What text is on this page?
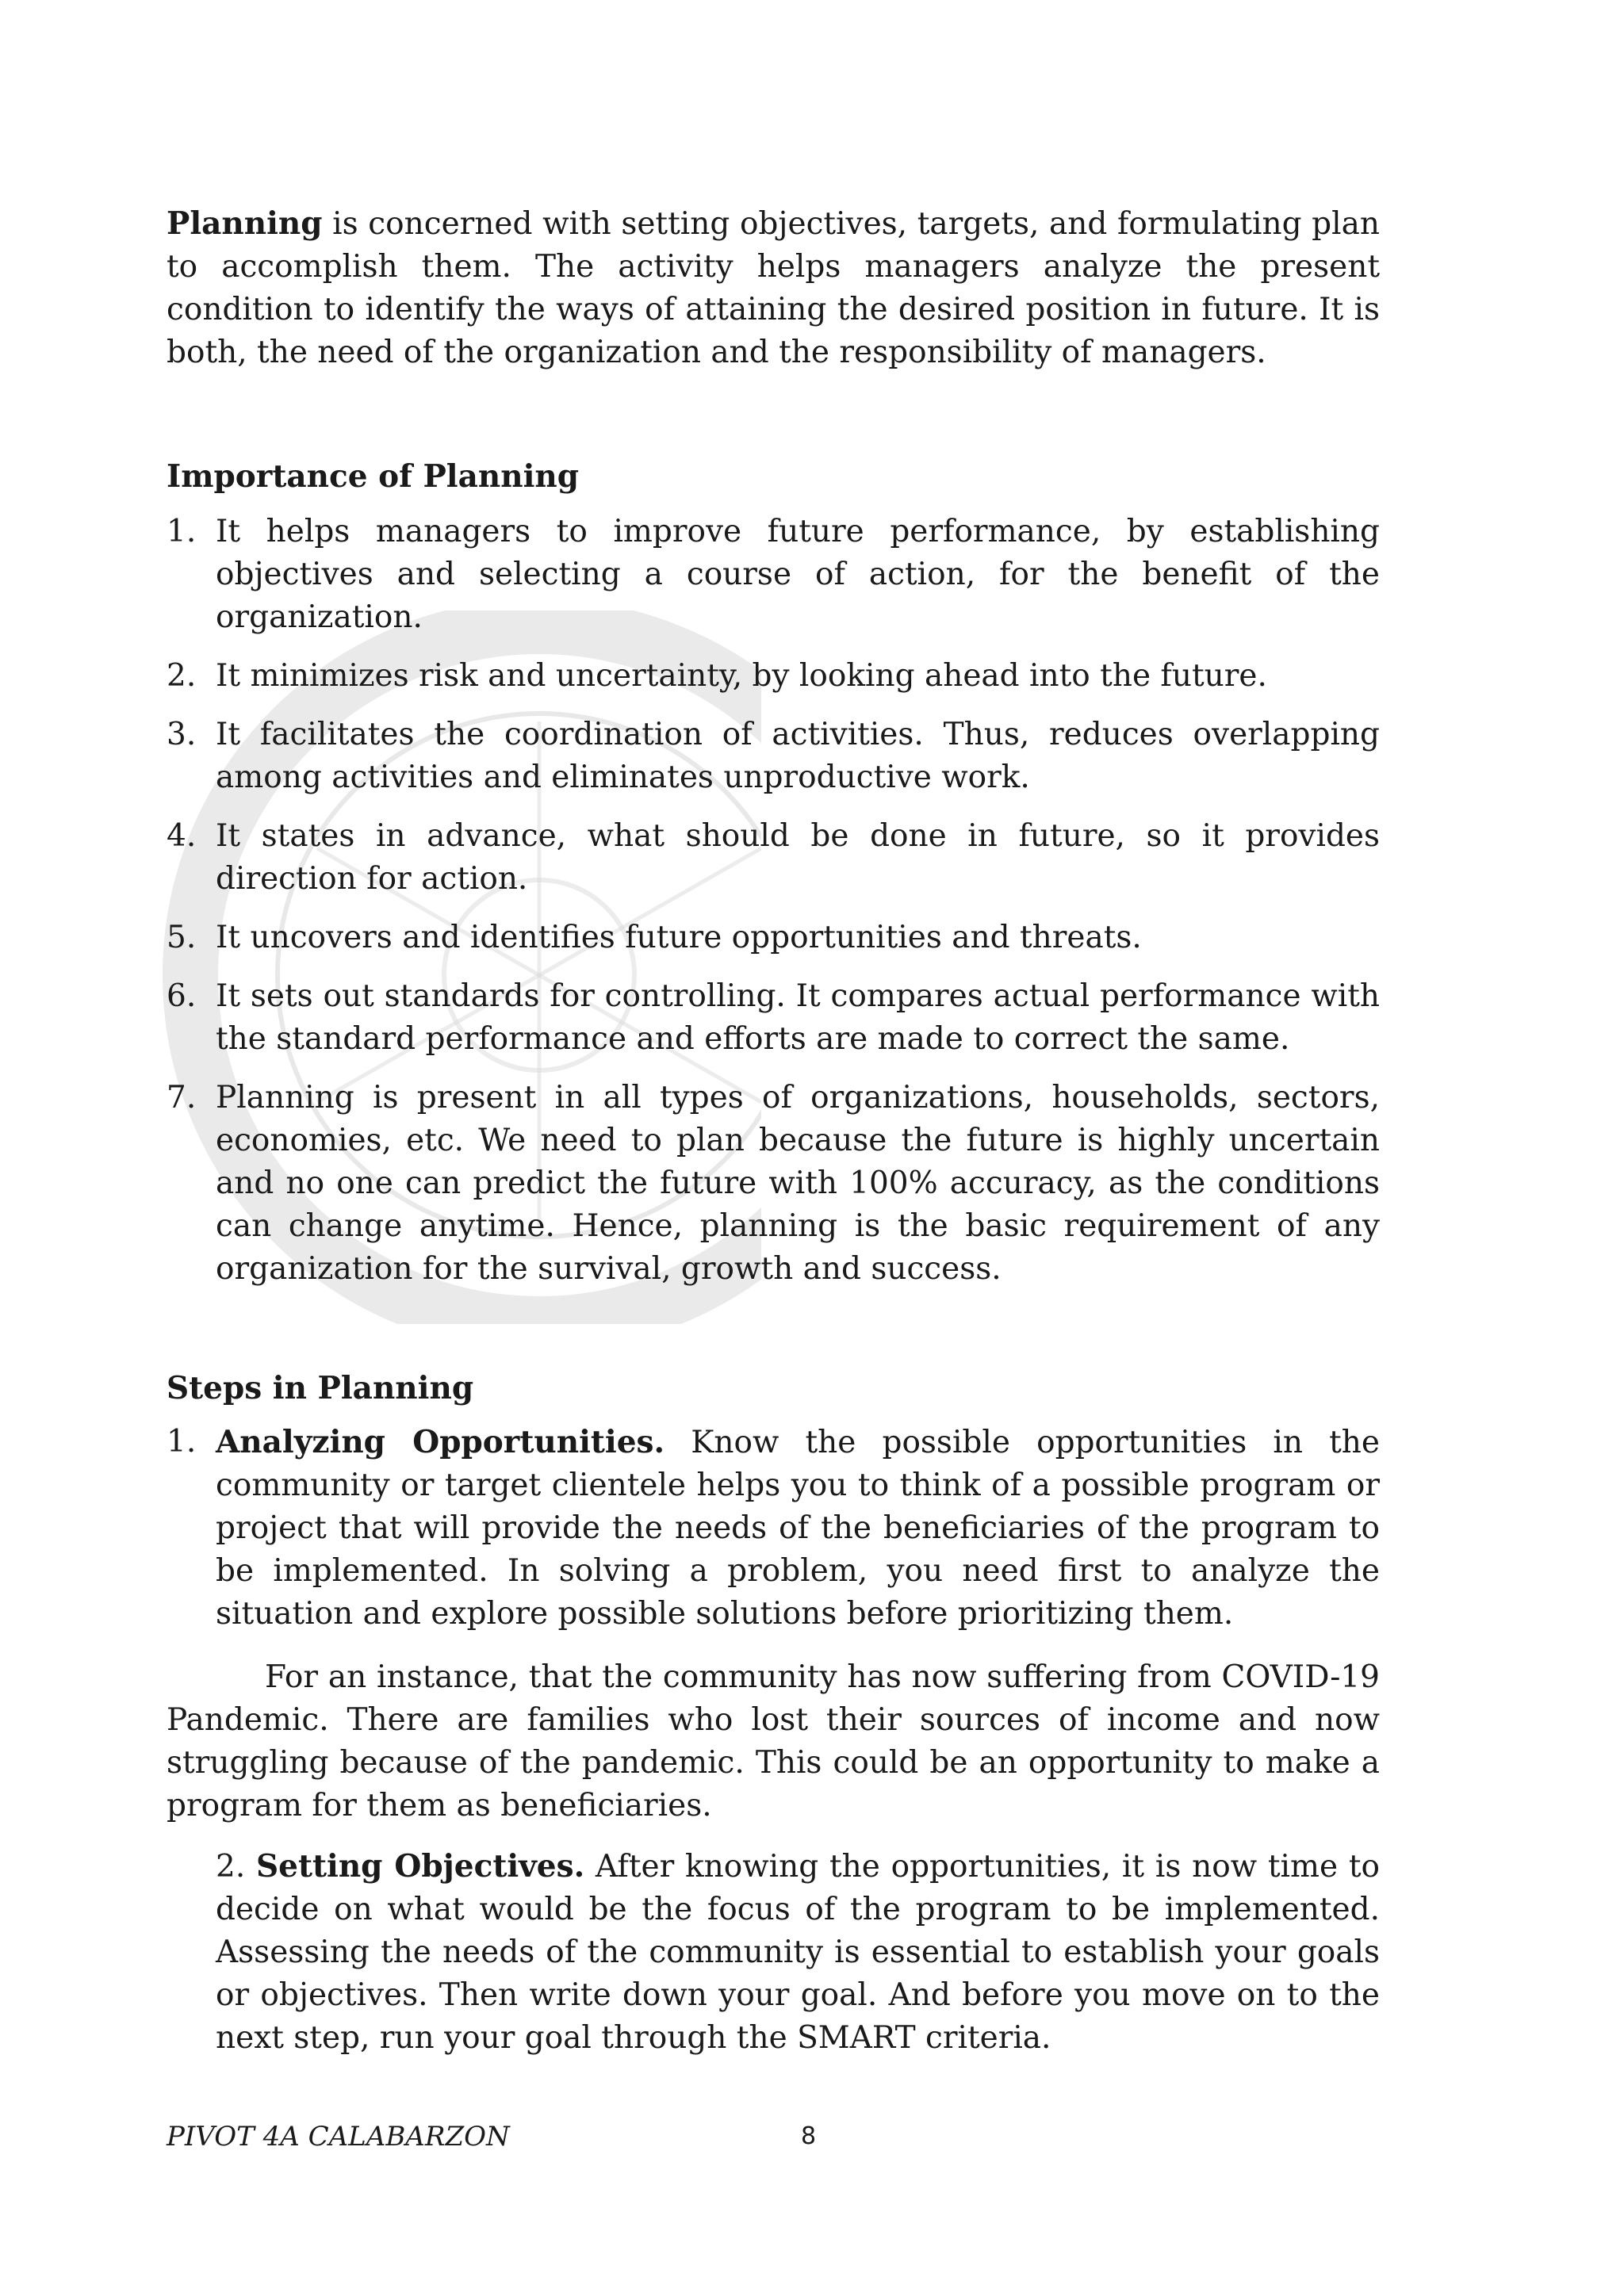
Planning is concerned with setting objectives, targets, and formulating plan to accomplish them. The activity helps managers analyze the present condition to identify the ways of attaining the desired position in future. It is both, the need of the organization and the responsibility of managers.

Importance of Planning
1. It helps managers to improve future performance, by establishing objectives and selecting a course of action, for the benefit of the organization.
2. It minimizes risk and uncertainty, by looking ahead into the future.
3. It facilitates the coordination of activities. Thus, reduces overlapping among activities and eliminates unproductive work.
4. It states in advance, what should be done in future, so it provides direction for action.
5. It uncovers and identifies future opportunities and threats.
6. It sets out standards for controlling. It compares actual performance with the standard performance and efforts are made to correct the same.
7. Planning is present in all types of organizations, households, sectors, economies, etc. We need to plan because the future is highly uncertain and no one can predict the future with 100% accuracy, as the conditions can change anytime. Hence, planning is the basic requirement of any organization for the survival, growth and success.
Steps in Planning
1. Analyzing Opportunities. Know the possible opportunities in the community or target clientele helps you to think of a possible program or project that will provide the needs of the beneficiaries of the program to be implemented. In solving a problem, you need first to analyze the situation and explore possible solutions before prioritizing them.

For an instance, that the community has now suffering from COVID-19 Pandemic. There are families who lost their sources of income and now struggling because of the pandemic. This could be an opportunity to make a program for them as beneficiaries.

2. Setting Objectives. After knowing the opportunities, it is now time to decide on what would be the focus of the program to be implemented. Assessing the needs of the community is essential to establish your goals or objectives. Then write down your goal. And before you move on to the next step, run your goal through the SMART criteria.

PIVOT 4A CALABARZON	8
